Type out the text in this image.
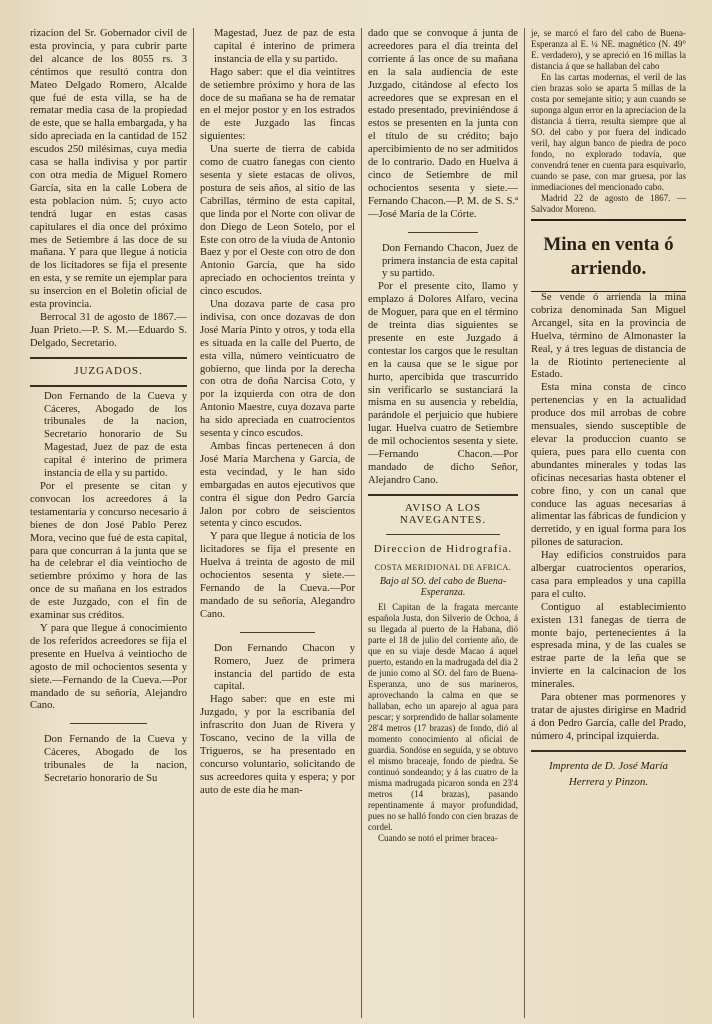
rizacion del Sr. Gobernador civil de esta provincia, y para cubrir parte del alcance de los 8055 rs. 3 céntimos que resultó contra don Mateo Delgado Romero, Alcalde que fué de esta villa, se ha de rematar media casa de la propiedad de este, que se halla embargada, y ha sido apreciada en la cantidad de 152 escudos 250 milésimas, cuya media casa se halla indivisa y por partir con otra media de Miguel Romero García, sita en la calle Lobera de esta poblacion núm. 5; cuyo acto tendrá lugar en estas casas capitulares el dia once del próximo mes de Setiembre á las doce de su mañana. Y para que llegue á noticia de los licitadores se fija el presente en esta, y se remite un ejemplar para su insercion en el Boletin oficial de esta provincia.

Berrocal 31 de agosto de 1867.—Juan Prieto.—P. S. M.—Eduardo S. Delgado, Secretario.

JUZGADOS.

Don Fernando de la Cueva y Cáceres, Abogado de los tribunales de la nacion, Secretario honorario de Su Magestad, Juez de paz de esta capital é interino de primera instancia de ella y su partido.

Por el presente se citan y convocan los acreedores á la testamentaria y concurso necesario á bienes de don José Pablo Perez Mora, vecino que fué de esta capital, para que concurran á la junta que se ha de celebrar el dia veintiocho de setiembre próximo y hora de las once de su mañana en los estrados de este Juzgado, con el fin de examinar sus créditos.

Y para que llegue á conocimiento de los referidos acreedores se fija el presente en Huelva á veintiocho de agosto de mil ochocientos sesenta y siete.—Fernando de la Cueva.—Por mandado de su señoría, Alejandro Cano.

Don Fernando de la Cueva y Cáceres, Abogado de los tribunales de la nacion, Secretario honorario de Su

Magestad, Juez de paz de esta capital é interino de primera instancia de ella y su partido.

Hago saber: que el dia veintitres de setiembre próximo y hora de las doce de su mañana se ha de rematar en el mejor postor y en los estrados de este Juzgado las fincas siguientes:

Una suerte de tierra de cabida como de cuatro fanegas con ciento sesenta y siete estacas de olivos, postura de seis años, al sitio de las Cabrillas, término de esta capital, que linda por el Norte con olivar de don Diego de Leon Sotelo, por el Este con otro de la viuda de Antonio Baez y por el Oeste con otro de don Antonio García, que ha sido apreciado en ochocientos treinta y cinco escudos.

Una dozava parte de casa pro indivisa, con once dozavas de don José María Pinto y otros, y toda ella es situada en la calle del Puerto, de esta villa, número veinticuatro de gobierno, que linda por la derecha con otra de doña Narcisa Coto, y por la izquierda con otra de don Antonio Maestre, cuya dozava parte ha sido apreciada en cuatrocientos sesenta y cinco escudos.

Ambas fincas pertenecen á don José María Marchena y García, de esta vecindad, y le han sido embargadas en autos ejecutivos que contra él sigue don Pedro García Jalon por cobro de seiscientos setenta y cinco escudos.

Y para que llegue á noticia de los licitadores se fija el presente en Huelva á treinta de agosto de mil ochocientos sesenta y siete.—Fernando de la Cueva.—Por mandado de su señoría, Alegandro Cano.

Don Fernando Chacon y Romero, Juez de primera instancia del partido de esta capital.

Hago saber: que en este mi Juzgado, y por la escribanía del infrascrito don Juan de Rivera y Toscano, vecino de la villa de Trigueros, se ha presentado en concurso voluntario, solicitando de sus acreedores quita y espera; y por auto de este dia he man-

dado que se convoque á junta de acreedores para el dia treinta del corriente á las once de su mañana en la sala audiencia de este Juzgado, citándose al efecto los acreedores que se expresan en el estado presentado, previniéndose á estos se presenten en la junta con el título de su crédito; bajo apercibimiento de no ser admitidos de lo contrario. Dado en Huelva á cinco de Setiembre de mil ochocientos sesenta y siete.—Fernando Chacon.—P. M. de S. S.ª—José María de la Córte.

Don Fernando Chacon, Juez de primera instancia de esta capital y su partido.

Por el presente cito, llamo y emplazo á Dolores Alfaro, vecina de Moguer, para que en el término de treinta dias siguientes se presente en este Juzgado á contestar los cargos que le resultan en la causa que se le sigue por hurto, apercibida que trascurrido sin verificarlo se sustanciará la misma en su ausencia y rebeldía, parándole el perjuicio que hubiere lugar. Huelva cuatro de Setiembre de mil ochocientos sesenta y siete.—Fernando Chacon.—Por mandado de dicho Señor, Alejandro Cano.

AVISO A LOS NAVEGANTES.
Direccion de Hidrografía.
COSTA MERIDIONAL DE AFRICA.
Bajo al SO. del cabo de Buena-Esperanza.

El Capitan de la fragata mercante española Justa, don Silverio de Ochoa, á su llegada al puerto de la Habana, dió parte el 18 de julio del corriente año, de que en su viaje desde Macao á aquel puerto, estando en la madrugada del dia 2 de junio como al SO. del faro de Buena-Esperanza, uno de sus marineros, aprovechando la calma en que se hallaban, echo un aparejo al agua para pescar; y sorprendido de hallar solamente 28'4 metros (17 brazas) de fondo, dió al momento conocimiento al oficial de guardia. Sondóse en seguida, y se obtuvo el mismo braceaje, fondo de piedra. Se continuó sondeando; y á las cuatro de la misma madrugada picaron sonda en 23'4 metros (14 brazas), pasando repentinamente á mayor profundidad, pues no se halló fondo con cien brazas de cordel.

Cuando se notó el primer bracea-

je, se marcó el faro del cabo de Buena-Esperanza al E. ¼ NE. magnético (N. 49° E. verdadero), y se apreció en 16 millas la distancia á que se hallaban del cabo

En las cartas modernas, el veril de las cien brazas solo se aparta 5 millas de la costa por semejante sitio; y aun cuando se suponga algun error en la apreciacion de la distancia á tierra, resulta siempre que al SO. del cabo y por fuera del indicado veril, hay algun banco de piedra de poco fondo, no explorado todavía, que convendrá tener en cuenta para esquivarlo, cuando se pase, con mar gruesa, por las inmediaciones del mencionado cabo.

Madrid 22 de agosto de 1867. —Salvador Moreno.

Mina en venta ó arriendo.

Se vende ó arrienda la mina cobriza denominada San Miguel Arcangel, sita en la provincia de Huelva, término de Almonaster la Real, y á tres leguas de distancia de la de Riotinto perteneciente al Estado.

Esta mina consta de cinco pertenencias y en la actualidad produce dos mil arrobas de cobre mensuales, siendo susceptible de elevar la produccion cuanto se quiera, pues para ello cuenta con abundantes minerales y todas las oficinas necesarias hasta obtener el cobre fino, y con un canal que conduce las aguas necesarias á alimentar las fábricas de fundicion y derretido, y en igual forma para los pilones de saturacion.

Hay edificios construidos para albergar cuatrocientos operarios, casa para empleados y una capilla para el culto.

Contiguo al establecimiento existen 131 fanegas de tierra de monte bajo, pertenecientes á la espresada mina, y de las cuales se estrae parte de la leña que se invierte en la calcinacion de los minerales.

Para obtener mas pormenores y tratar de ajustes dirigirse en Madrid á don Pedro García, calle del Prado, número 4, principal izquierda.

Imprenta de D. José María
Herrera y Pinzon.
